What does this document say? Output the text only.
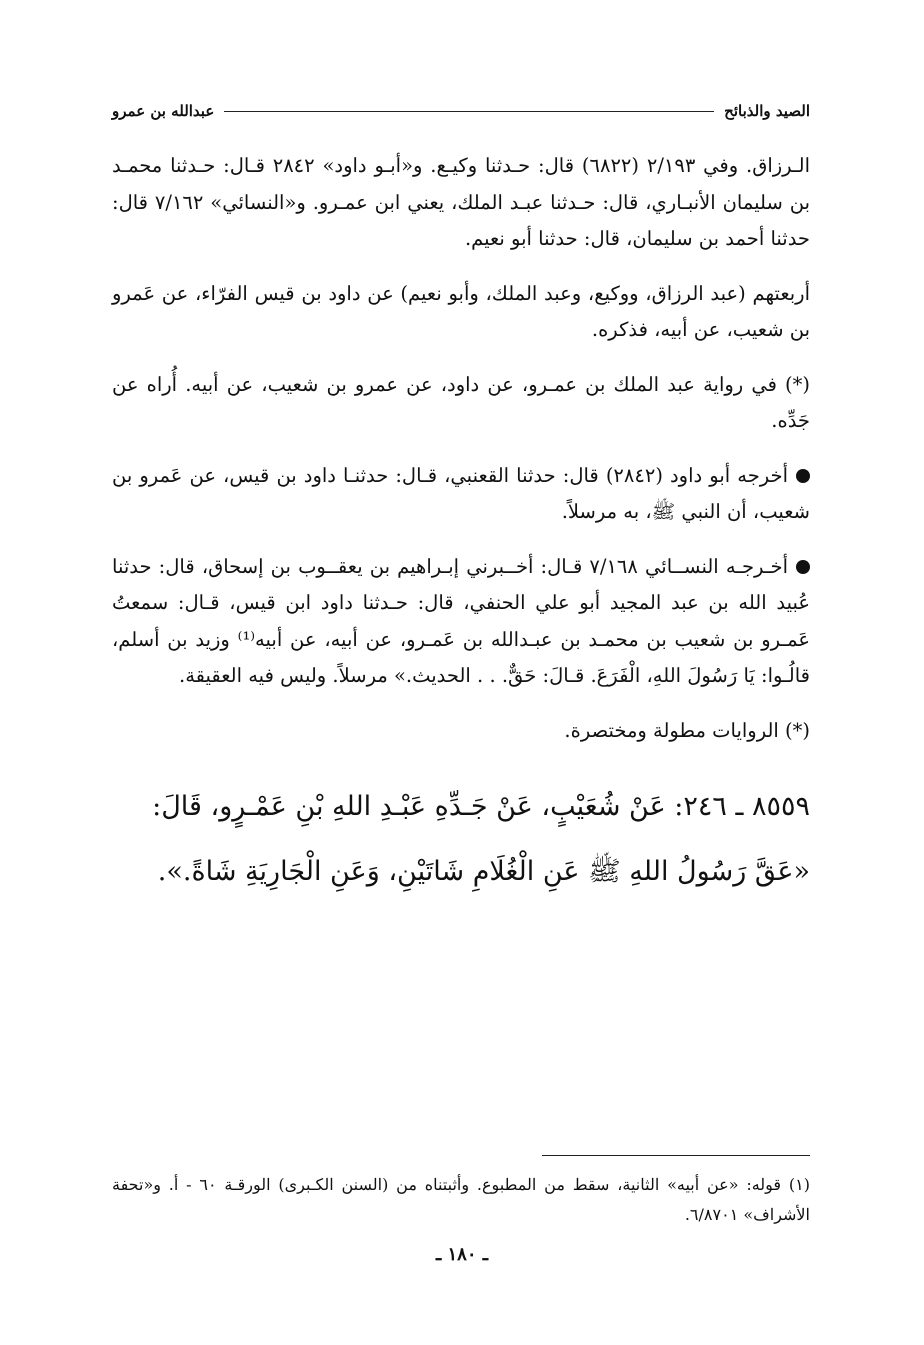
الصيد والذبائح
عبدالله بن عمرو

الـرزاق. وفي ٢/١٩٣ (٦٨٢٢) قال: حـدثنا وكيـع. و«أبـو داود» ٢٨٤٢ قـال: حـدثنا محمـد بن سليمان الأنبـاري، قال: حـدثنا عبـد الملك، يعني ابن عمـرو. و«النسائي» ٧/١٦٢ قال: حدثنا أحمد بن سليمان، قال: حدثنا أبو نعيم.

أربعتهم (عبد الرزاق، ووكيع، وعبد الملك، وأبو نعيم) عن داود بن قيس الفرّاء، عن عَمرو بن شعيب، عن أبيه، فذكره.

(*) في رواية عبد الملك بن عمـرو، عن داود، عن عمرو بن شعيب، عن أبيه. أُراه عن جَدِّه.

أخرجه أبو داود (٢٨٤٢) قال: حدثنا القعنبي، قـال: حدثنـا داود بن قيس، عن عَمرو بن شعيب، أن النبي ﷺ، به مرسلاً.

أخـرجـه النســائي ٧/١٦٨ قـال: أخــبرني إبـراهيم بن يعقــوب بن إسحاق، قال: حدثنا عُبيد الله بن عبد المجيد أبو علي الحنفي، قال: حـدثنا داود ابن قيس، قـال: سمعتُ عَمـرو بن شعيب بن محمـد بن عبـدالله بن عَمـرو، عن أبيه، عن أبيه⁽¹⁾ وزيد بن أسلم، قالُـوا: يَا رَسُولَ اللهِ، الْفَرَعَ. قـالَ: حَقٌّ. . . الحديث.» مرسلاً. وليس فيه العقيقة.

(*) الروايات مطولة ومختصرة.

٨٥٥٩ ـ ٢٤٦: عَنْ شُعَيْبٍ، عَنْ جَـدِّهِ عَبْـدِ اللهِ بْنِ عَمْـرٍو، قَالَ:

«عَقَّ رَسُولُ اللهِ ﷺ عَنِ الْغُلَامِ شَاتَيْنِ، وَعَنِ الْجَارِيَةِ شَاةً.».

(١) قوله: «عن أبيه» الثانية، سقط من المطبوع. وأثبتناه من (السنن الكـبرى) الورقـة ٦٠ - أ. و«تحفة الأشراف» ٦/٨٧٠١.
ـ ١٨٠ ـ
